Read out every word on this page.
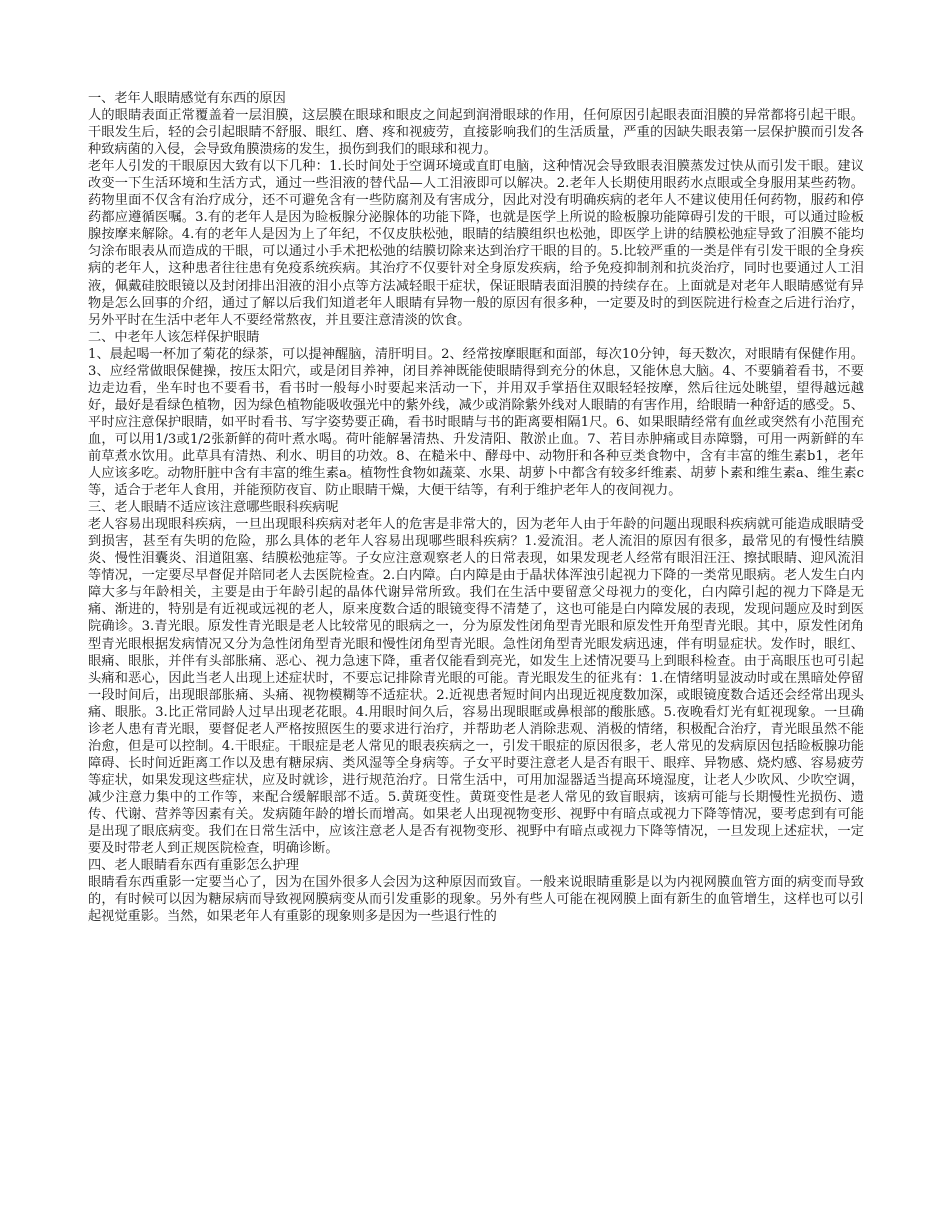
一、老年人眼睛感觉有东西的原因

人的眼睛表面正常覆盖着一层泪膜，这层膜在眼球和眼皮之间起到润滑眼球的作用，任何原因引起眼表面泪膜的异常都将引起干眼。干眼发生后，轻的会引起眼睛不舒服、眼红、磨、疼和视疲劳，直接影响我们的生活质量，严重的因缺失眼表第一层保护膜而引发各种致病菌的入侵，会导致角膜溃疡的发生，损伤到我们的眼球和视力。

老年人引发的干眼原因大致有以下几种：1.长时间处于空调环境或直盯电脑，这种情况会导致眼表泪膜蒸发过快从而引发干眼。建议改变一下生活环境和生活方式，通过一些泪液的替代品—人工泪液即可以解决。2.老年人长期使用眼药水点眼或全身服用某些药物。药物里面不仅含有治疗成分，还不可避免含有一些防腐剂及有害成分，因此对没有明确疾病的老年人不建议使用任何药物，服药和停药都应遵循医嘱。3.有的老年人是因为睑板腺分泌腺体的功能下降，也就是医学上所说的睑板腺功能障碍引发的干眼，可以通过睑板腺按摩来解除。4.有的老年人是因为上了年纪，不仅皮肤松弛，眼睛的结膜组织也松弛，即医学上讲的结膜松弛症导致了泪膜不能均匀涂布眼表从而造成的干眼，可以通过小手术把松弛的结膜切除来达到治疗干眼的目的。5.比较严重的一类是伴有引发干眼的全身疾病的老年人，这种患者往往患有免疫系统疾病。其治疗不仅要针对全身原发疾病，给予免疫抑制剂和抗炎治疗，同时也要通过人工泪液，佩戴硅胶眼镜以及封闭排出泪液的泪小点等方法减轻眼干症状，保证眼睛表面泪膜的持续存在。上面就是对老年人眼睛感觉有异物是怎么回事的介绍，通过了解以后我们知道老年人眼睛有异物一般的原因有很多种，一定要及时的到医院进行检查之后进行治疗，另外平时在生活中老年人不要经常熬夜，并且要注意清淡的饮食。

二、中老年人该怎样保护眼睛

1、晨起喝一杯加了菊花的绿茶，可以提神醒脑，清肝明目。2、经常按摩眼眶和面部，每次10分钟，每天数次，对眼睛有保健作用。3、应经常做眼保健操，按压太阳穴，或是闭目养神，闭目养神既能使眼睛得到充分的休息，又能休息大脑。4、不要躺着看书，不要边走边看，坐车时也不要看书，看书时一般每小时要起来活动一下，并用双手掌捂住双眼轻轻按摩，然后往远处眺望，望得越远越好，最好是看绿色植物，因为绿色植物能吸收强光中的紫外线，减少或消除紫外线对人眼睛的有害作用，给眼睛一种舒适的感受。5、平时应注意保护眼睛，如平时看书、写字姿势要正确，看书时眼睛与书的距离要相隔1尺。6、如果眼睛经常有血丝或突然有小范围充血，可以用1/3或1/2张新鲜的荷叶煮水喝。荷叶能解暑清热、升发清阳、散淤止血。7、若目赤肿痛或目赤障翳，可用一两新鲜的车前草煮水饮用。此草具有清热、利水、明目的功效。8、在糙米中、酵母中、动物肝和各种豆类食物中，含有丰富的维生素b1，老年人应该多吃。动物肝脏中含有丰富的维生素a。植物性食物如蔬菜、水果、胡萝卜中都含有较多纤维素、胡萝卜素和维生素a、维生素c等，适合于老年人食用，并能预防夜盲、防止眼睛干燥，大便干结等，有利于维护老年人的夜间视力。

三、老人眼睛不适应该注意哪些眼科疾病呢

老人容易出现眼科疾病，一旦出现眼科疾病对老年人的危害是非常大的，因为老年人由于年龄的问题出现眼科疾病就可能造成眼睛受到损害，甚至有失明的危险，那么具体的老年人容易出现哪些眼科疾病？1.爱流泪。老人流泪的原因有很多，最常见的有慢性结膜炎、慢性泪囊炎、泪道阻塞、结膜松弛症等。子女应注意观察老人的日常表现，如果发现老人经常有眼泪汪汪、擦拭眼睛、迎风流泪等情况，一定要尽早督促并陪同老人去医院检查。2.白内障。白内障是由于晶状体浑浊引起视力下降的一类常见眼病。老人发生白内障大多与年龄相关，主要是由于年龄引起的晶体代谢异常所致。我们在生活中要留意父母视力的变化，白内障引起的视力下降是无痛、渐进的，特别是有近视或远视的老人，原来度数合适的眼镜变得不清楚了，这也可能是白内障发展的表现，发现问题应及时到医院确诊。3.青光眼。原发性青光眼是老人比较常见的眼病之一，分为原发性闭角型青光眼和原发性开角型青光眼。其中，原发性闭角型青光眼根据发病情况又分为急性闭角型青光眼和慢性闭角型青光眼。急性闭角型青光眼发病迅速，伴有明显症状。发作时，眼红、眼痛、眼胀，并伴有头部胀痛、恶心、视力急速下降，重者仅能看到亮光，如发生上述情况要马上到眼科检查。由于高眼压也可引起头痛和恶心，因此当老人出现上述症状时，不要忘记排除青光眼的可能。青光眼发生的征兆有：1.在情绪明显波动时或在黑暗处停留一段时间后，出现眼部胀痛、头痛、视物模糊等不适症状。2.近视患者短时间内出现近视度数加深，或眼镜度数合适还会经常出现头痛、眼胀。3.比正常同龄人过早出现老花眼。4.用眼时间久后，容易出现眼眶或鼻根部的酸胀感。5.夜晚看灯光有虹视现象。一旦确诊老人患有青光眼，要督促老人严格按照医生的要求进行治疗，并帮助老人消除悲观、消极的情绪，积极配合治疗，青光眼虽然不能治愈，但是可以控制。4.干眼症。干眼症是老人常见的眼表疾病之一，引发干眼症的原因很多，老人常见的发病原因包括睑板腺功能障碍、长时间近距离工作以及患有糖尿病、类风湿等全身病等。子女平时要注意老人是否有眼干、眼痒、异物感、烧灼感、容易疲劳等症状，如果发现这些症状，应及时就诊，进行规范治疗。日常生活中，可用加湿器适当提高环境湿度，让老人少吹风、少吹空调，减少注意力集中的工作等，来配合缓解眼部不适。5.黄斑变性。黄斑变性是老人常见的致盲眼病，该病可能与长期慢性光损伤、遗传、代谢、营养等因素有关。发病随年龄的增长而增高。如果老人出现视物变形、视野中有暗点或视力下降等情况，要考虑到有可能是出现了眼底病变。我们在日常生活中，应该注意老人是否有视物变形、视野中有暗点或视力下降等情况，一旦发现上述症状，一定要及时带老人到正规医院检查，明确诊断。

四、老人眼睛看东西有重影怎么护理

眼睛看东西重影一定要当心了，因为在国外很多人会因为这种原因而致盲。一般来说眼睛重影是以为内视网膜血管方面的病变而导致的，有时候可以因为糖尿病而导致视网膜病变从而引发重影的现象。另外有些人可能在视网膜上面有新生的血管增生，这样也可以引起视觉重影。当然，如果老年人有重影的现象则多是因为一些退行性的
